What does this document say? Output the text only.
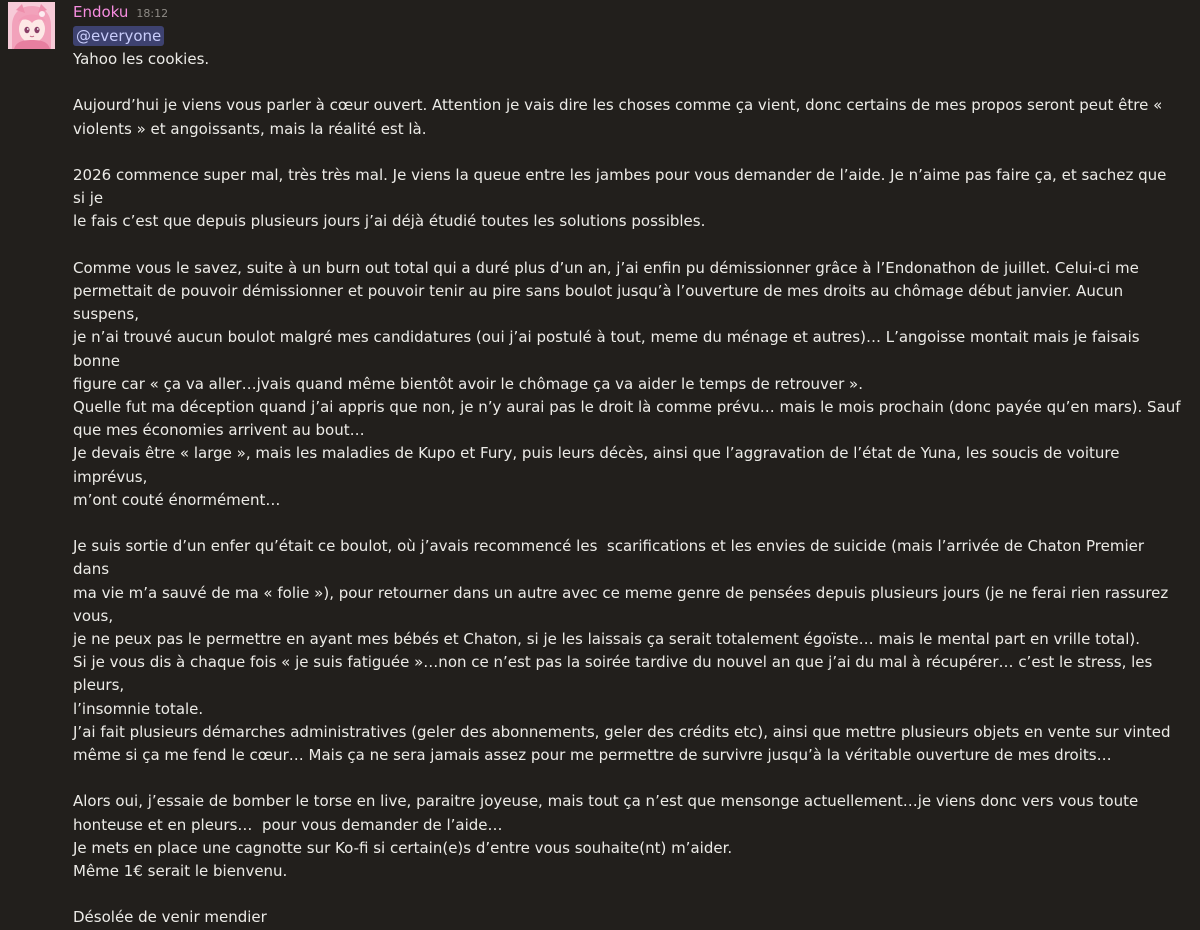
Endoku 18:12
@everyone

Yahoo les cookies.

Aujourd’hui je viens vous parler à cœur ouvert. Attention je vais dire les choses comme ça vient, donc certains de mes propos seront peut être «

violents » et angoissants, mais la réalité est là.

2026 commence super mal, très très mal. Je viens la queue entre les jambes pour vous demander de l’aide. Je n’aime pas faire ça, et sachez que si je

le fais c’est que depuis plusieurs jours j’ai déjà étudié toutes les solutions possibles.

Comme vous le savez, suite à un burn out total qui a duré plus d’un an, j’ai enfin pu démissionner grâce à l’Endonathon de juillet. Celui-ci me

permettait de pouvoir démissionner et pouvoir tenir au pire sans boulot jusqu’à l’ouverture de mes droits au chômage début janvier. Aucun suspens,

je n’ai trouvé aucun boulot malgré mes candidatures (oui j’ai postulé à tout, meme du ménage et autres)… L’angoisse montait mais je faisais bonne

figure car « ça va aller…jvais quand même bientôt avoir le chômage ça va aider le temps de retrouver ».

Quelle fut ma déception quand j’ai appris que non, je n’y aurai pas le droit là comme prévu… mais le mois prochain (donc payée qu’en mars). Sauf

que mes économies arrivent au bout…

Je devais être « large », mais les maladies de Kupo et Fury, puis leurs décès, ainsi que l’aggravation de l’état de Yuna, les soucis de voiture imprévus,

m’ont couté énormément…

Je suis sortie d’un enfer qu’était ce boulot, où j’avais recommencé les  scarifications et les envies de suicide (mais l’arrivée de Chaton Premier dans

ma vie m’a sauvé de ma « folie »), pour retourner dans un autre avec ce meme genre de pensées depuis plusieurs jours (je ne ferai rien rassurez vous,

je ne peux pas le permettre en ayant mes bébés et Chaton, si je les laissais ça serait totalement égoïste… mais le mental part en vrille total).

Si je vous dis à chaque fois « je suis fatiguée »…non ce n’est pas la soirée tardive du nouvel an que j’ai du mal à récupérer… c’est le stress, les pleurs,

l’insomnie totale.

J’ai fait plusieurs démarches administratives (geler des abonnements, geler des crédits etc), ainsi que mettre plusieurs objets en vente sur vinted

même si ça me fend le cœur… Mais ça ne sera jamais assez pour me permettre de survivre jusqu’à la véritable ouverture de mes droits…

Alors oui, j’essaie de bomber le torse en live, paraitre joyeuse, mais tout ça n’est que mensonge actuellement…je viens donc vers vous toute

honteuse et en pleurs…  pour vous demander de l’aide…

Je mets en place une cagnotte sur Ko-fi si certain(e)s d’entre vous souhaite(nt) m’aider.

Même 1€ serait le bienvenu.

Désolée de venir mendier
